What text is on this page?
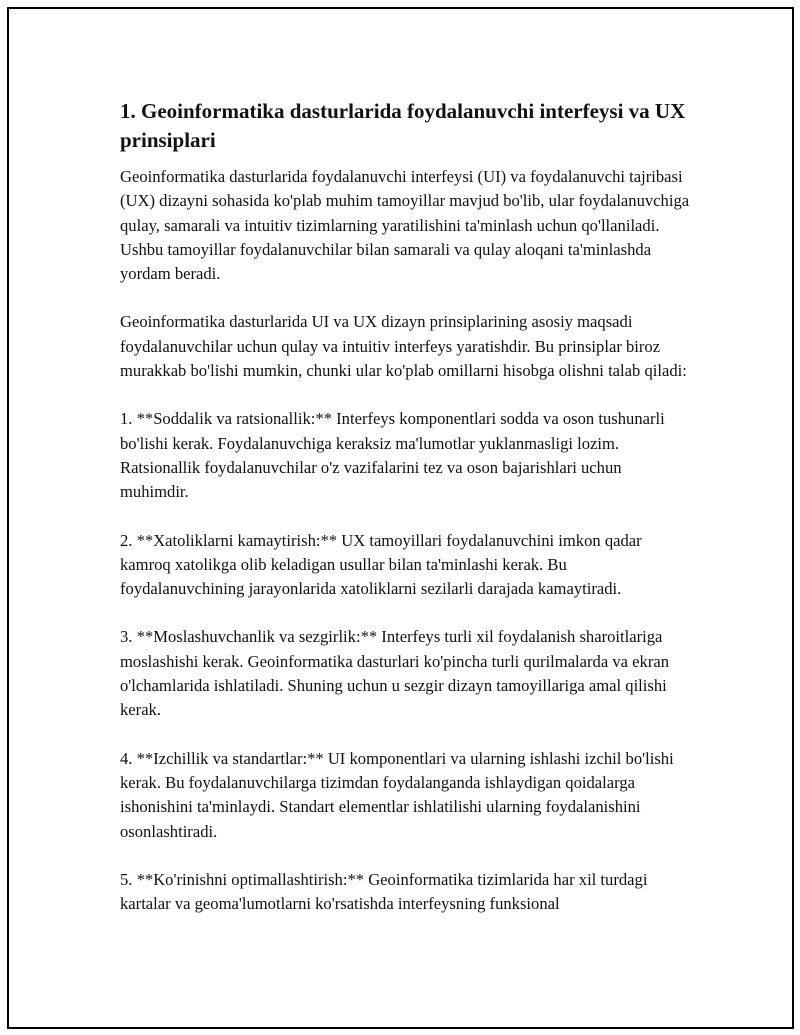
1. Geoinformatika dasturlarida foydalanuvchi interfeysi va UX prinsiplari

Geoinformatika dasturlarida foydalanuvchi interfeysi (UI) va foydalanuvchi tajribasi (UX) dizayni sohasida ko'plab muhim tamoyillar mavjud bo'lib, ular foydalanuvchiga qulay, samarali va intuitiv tizimlarning yaratilishini ta'minlash uchun qo'llaniladi. Ushbu tamoyillar foydalanuvchilar bilan samarali va qulay aloqani ta'minlashda yordam beradi.

Geoinformatika dasturlarida UI va UX dizayn prinsiplarining asosiy maqsadi foydalanuvchilar uchun qulay va intuitiv interfeys yaratishdir. Bu prinsiplar biroz murakkab bo'lishi mumkin, chunki ular ko'plab omillarni hisobga olishni talab qiladi:

1. **Soddalik va ratsionallik:** Interfeys komponentlari sodda va oson tushunarli bo'lishi kerak. Foydalanuvchiga keraksiz ma'lumotlar yuklanmasligi lozim. Ratsionallik foydalanuvchilar o'z vazifalarini tez va oson bajarishlari uchun muhimdir.

2. **Xatoliklarni kamaytirish:** UX tamoyillari foydalanuvchini imkon qadar kamroq xatolikga olib keladigan usullar bilan ta'minlashi kerak. Bu foydalanuvchining jarayonlarida xatoliklarni sezilarli darajada kamaytiradi.

3. **Moslashuvchanlik va sezgirlik:** Interfeys turli xil foydalanish sharoitlariga moslashishi kerak. Geoinformatika dasturlari ko'pincha turli qurilmalarda va ekran o'lchamlarida ishlatiladi. Shuning uchun u sezgir dizayn tamoyillariga amal qilishi kerak.

4. **Izchillik va standartlar:** UI komponentlari va ularning ishlashi izchil bo'lishi kerak. Bu foydalanuvchilarga tizimdan foydalanganda ishlaydigan qoidalarga ishonishini ta'minlaydi. Standart elementlar ishlatilishi ularning foydalanishini osonlashtiradi.

5. **Ko'rinishni optimallashtirish:** Geoinformatika tizimlarida har xil turdagi kartalar va geoma'lumotlarni ko'rsatishda interfeysning funksional
